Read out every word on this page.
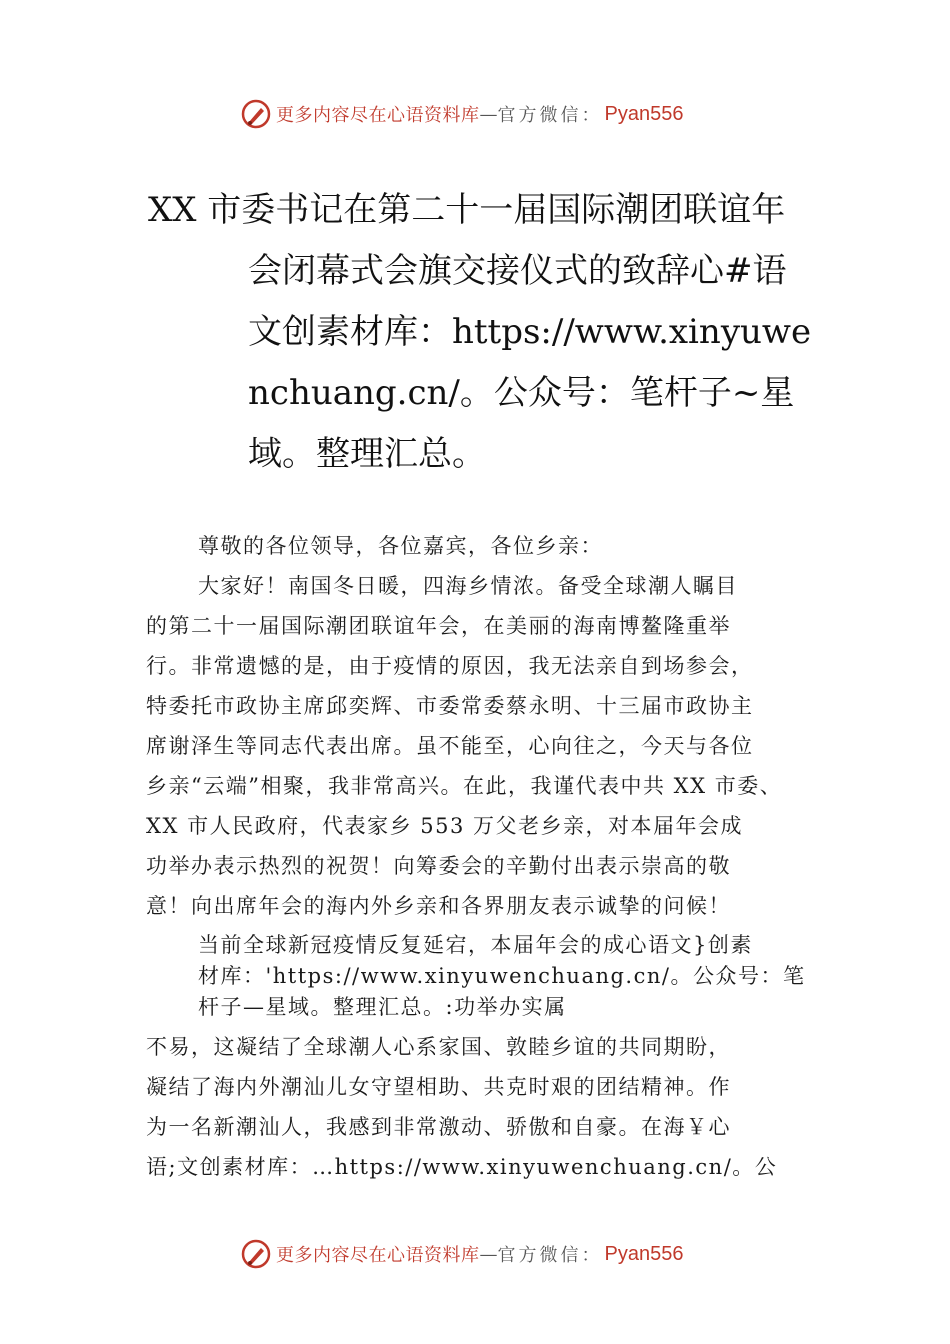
更多内容尽在心语资料库 — 官方微信： Pyan556
XX 市委书记在第二十一届国际潮团联谊年
会闭幕式会旗交接仪式的致辞心#语
文创素材库：https://www.xinyuwe
nchuang.cn/。公众号：笔杆子~星
域。整理汇总。

尊敬的各位领导，各位嘉宾，各位乡亲：

大家好！南国冬日暖，四海乡情浓。备受全球潮人瞩目
的第二十一届国际潮团联谊年会，在美丽的海南博鳌隆重举
行。非常遗憾的是，由于疫情的原因，我无法亲自到场参会，
特委托市政协主席邱奕辉、市委常委蔡永明、十三届市政协主
席谢泽生等同志代表出席。虽不能至，心向往之，今天与各位
乡亲“云端”相聚，我非常高兴。在此，我谨代表中共 XX 市委、
XX 市人民政府，代表家乡 553 万父老乡亲，对本届年会成
功举办表示热烈的祝贺！向筹委会的辛勤付出表示崇高的敬
意！向出席年会的海内外乡亲和各界朋友表示诚挚的问候！

当前全球新冠疫情反复延宕，本届年会的成心语文}创素
材库：'https://www.xinyuwenchuang.cn/。公众号：笔
杆子—星域。整理汇总。:功举办实属

不易，这凝结了全球潮人心系家国、敦睦乡谊的共同期盼，
凝结了海内外潮汕儿女守望相助、共克时艰的团结精神。作
为一名新潮汕人，我感到非常激动、骄傲和自豪。在海￥心
语;文创素材库：…https://www.xinyuwenchuang.cn/。公

更多内容尽在心语资料库 — 官方微信： Pyan556
